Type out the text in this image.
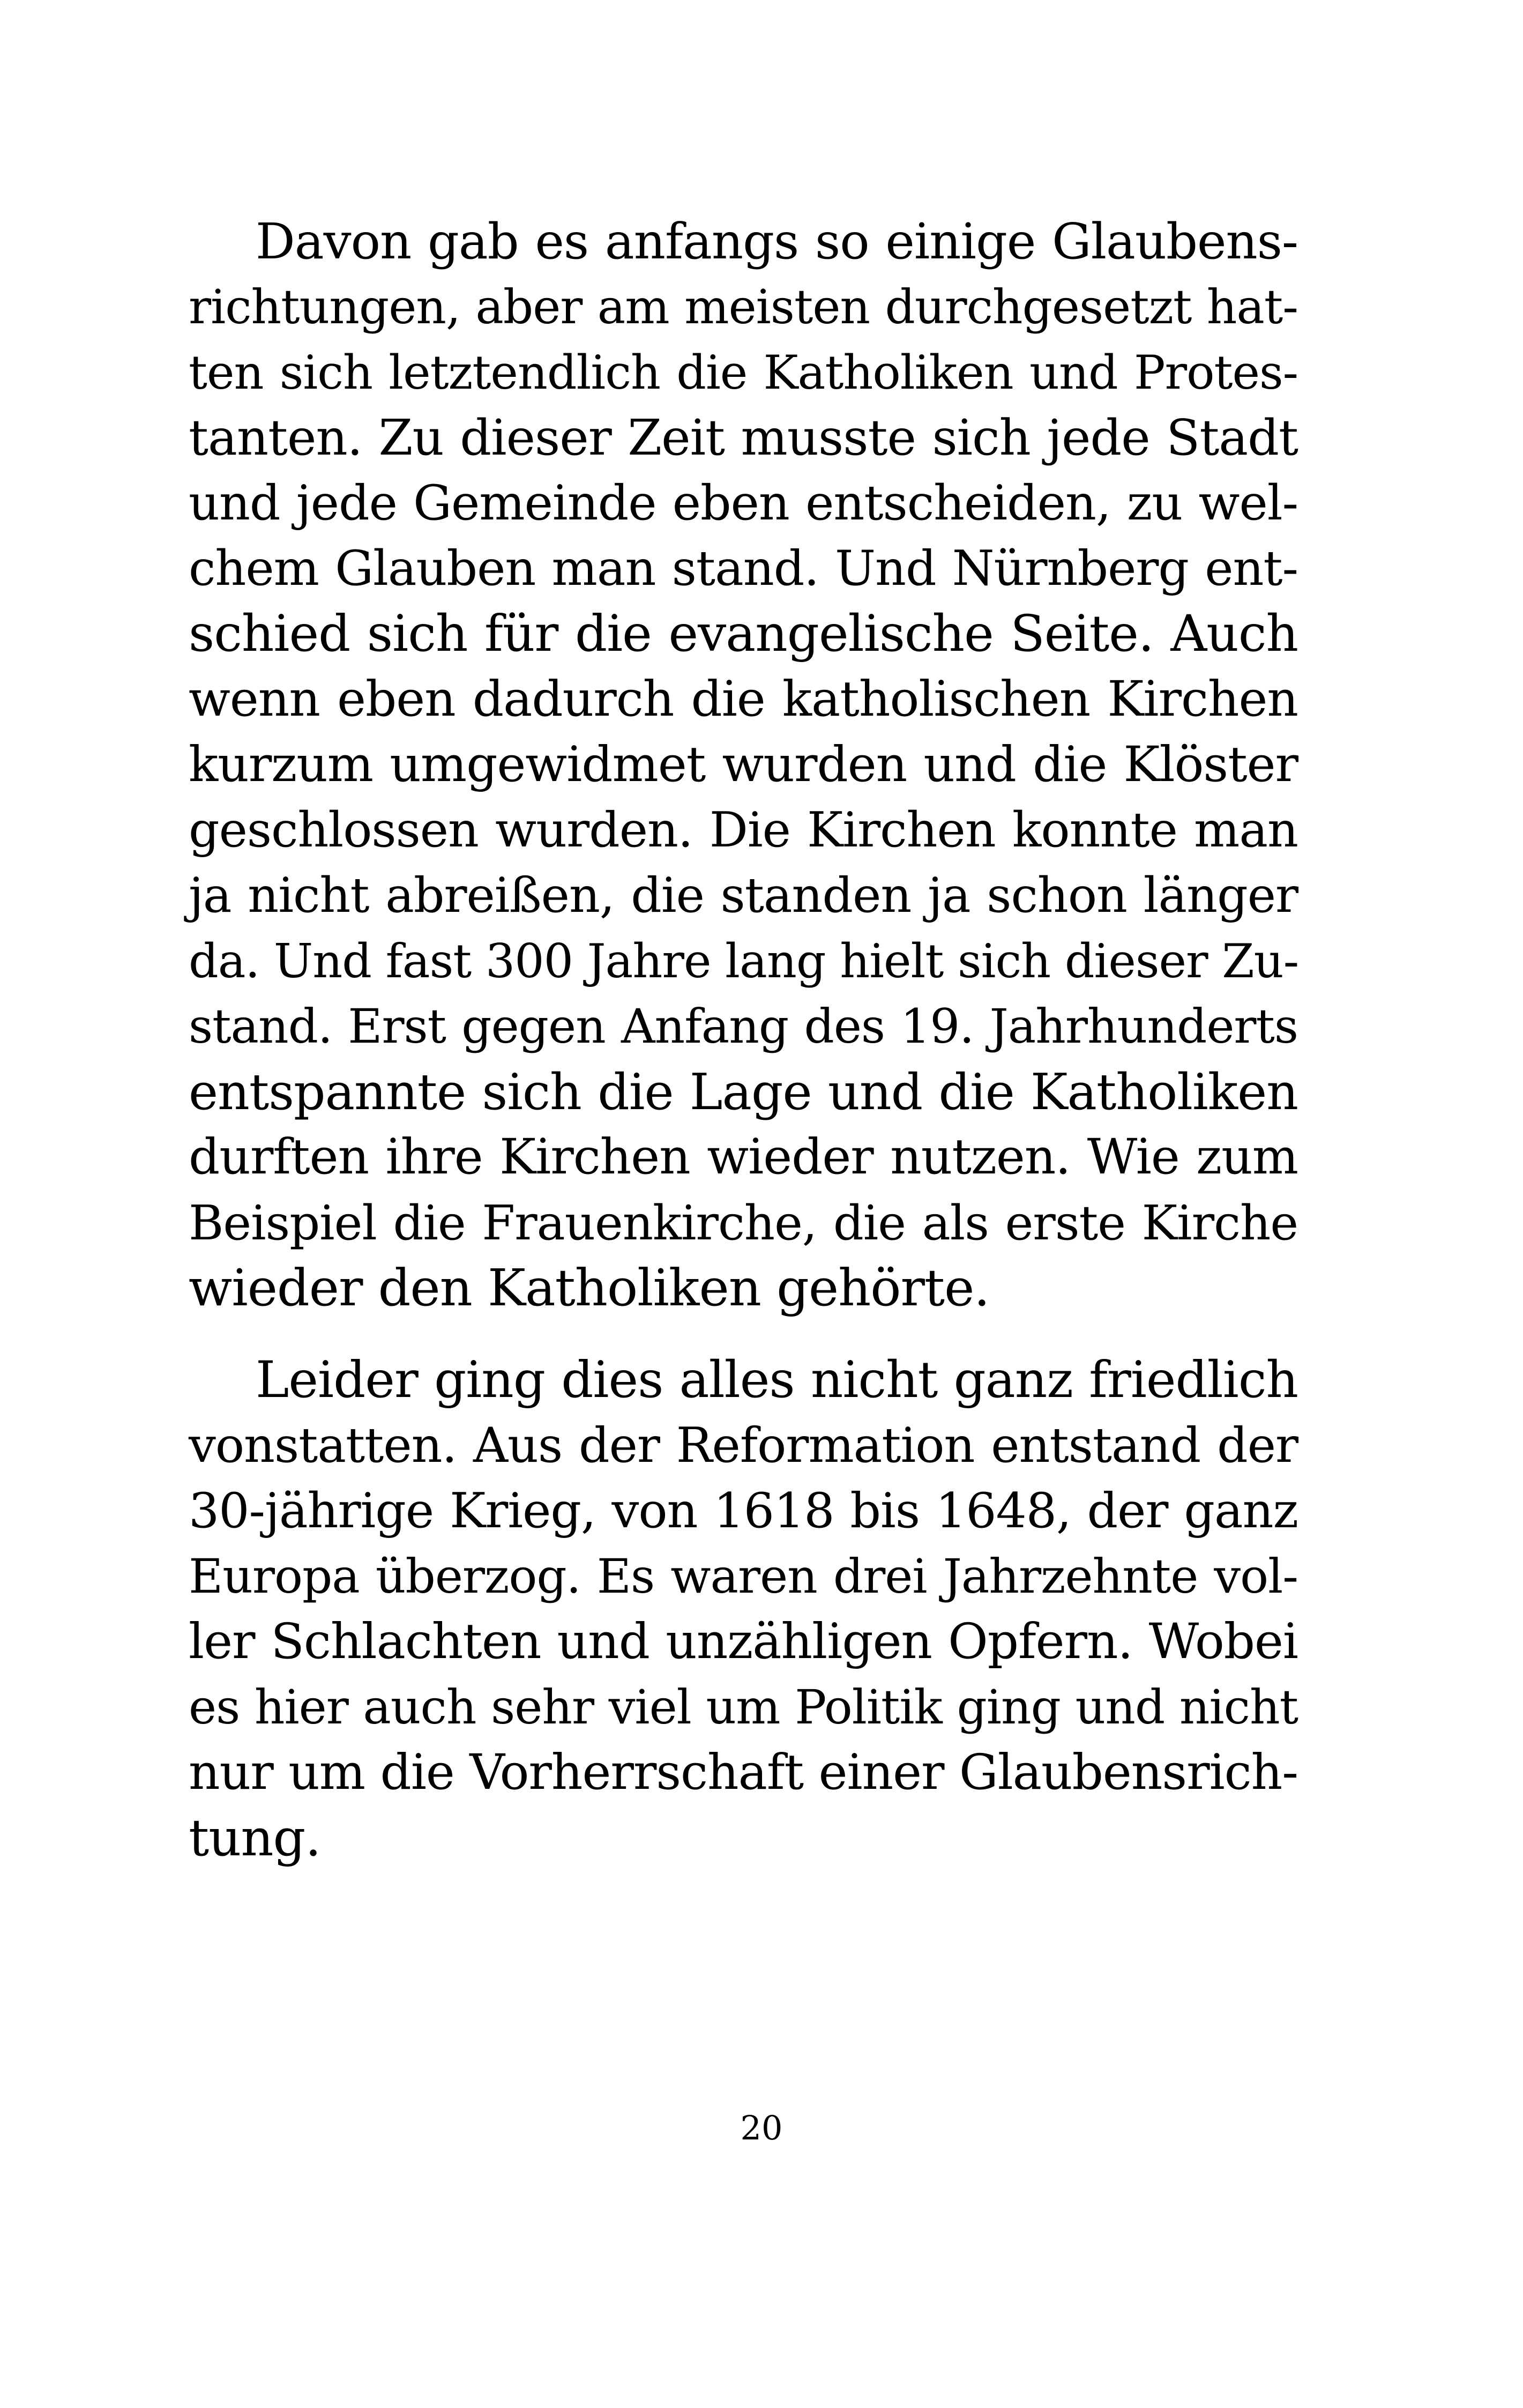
Davon gab es anfangs so einige Glaubens-
richtungen, aber am meisten durchgesetzt hat-
ten sich letztendlich die Katholiken und Protes-
tanten. Zu dieser Zeit musste sich jede Stadt
und jede Gemeinde eben entscheiden, zu wel-
chem Glauben man stand. Und Nürnberg ent-
schied sich für die evangelische Seite. Auch
wenn eben dadurch die katholischen Kirchen
kurzum umgewidmet wurden und die Klöster
geschlossen wurden. Die Kirchen konnte man
ja nicht abreißen, die standen ja schon länger
da. Und fast 300 Jahre lang hielt sich dieser Zu-
stand. Erst gegen Anfang des 19. Jahrhunderts
entspannte sich die Lage und die Katholiken
durften ihre Kirchen wieder nutzen. Wie zum
Beispiel die Frauenkirche, die als erste Kirche
wieder den Katholiken gehörte.
Leider ging dies alles nicht ganz friedlich
vonstatten. Aus der Reformation entstand der
30-jährige Krieg, von 1618 bis 1648, der ganz
Europa überzog. Es waren drei Jahrzehnte vol-
ler Schlachten und unzähligen Opfern. Wobei
es hier auch sehr viel um Politik ging und nicht
nur um die Vorherrschaft einer Glaubensrich-
tung.
20
